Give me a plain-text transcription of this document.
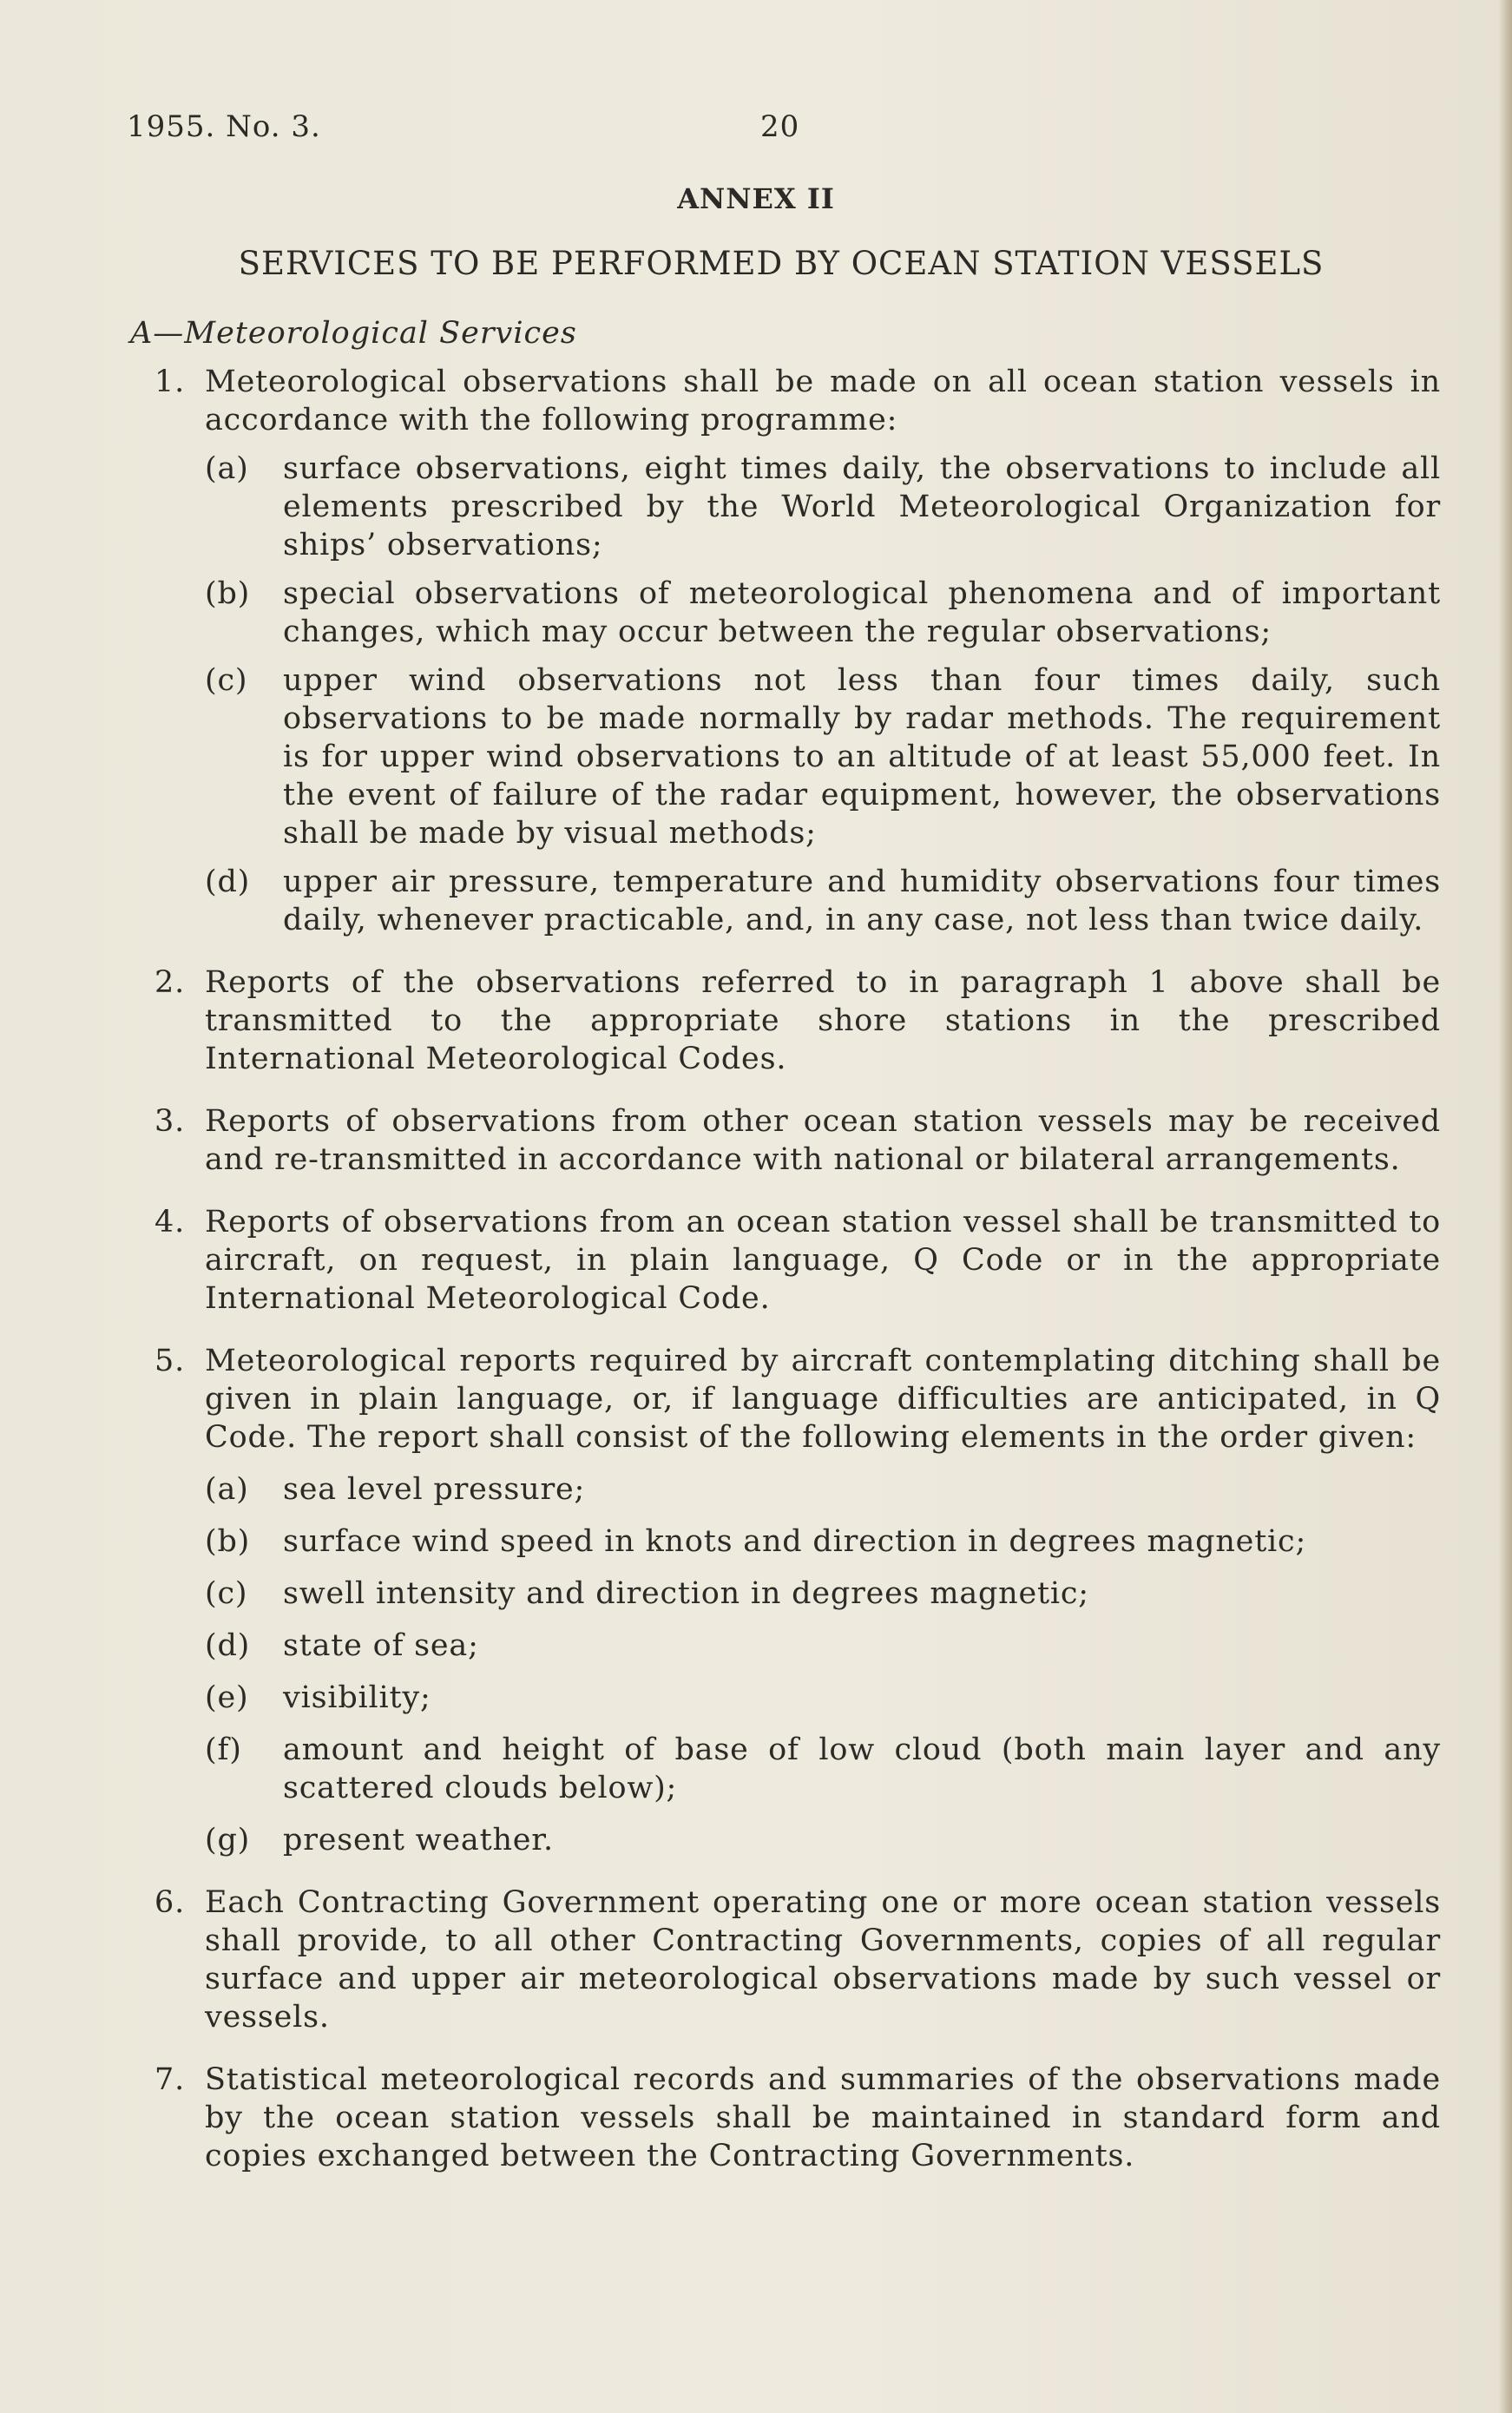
1955. No. 3.	20
ANNEX II
SERVICES TO BE PERFORMED BY OCEAN STATION VESSELS
A—Meteorological Services
1. Meteorological observations shall be made on all ocean station vessels in accordance with the following programme:
(a) surface observations, eight times daily, the observations to include all elements prescribed by the World Meteorological Organization for ships’ observations;
(b) special observations of meteorological phenomena and of important changes, which may occur between the regular observations;
(c) upper wind observations not less than four times daily, such observations to be made normally by radar methods. The requirement is for upper wind observations to an altitude of at least 55,000 feet. In the event of failure of the radar equipment, however, the observations shall be made by visual methods;
(d) upper air pressure, temperature and humidity observations four times daily, whenever practicable, and, in any case, not less than twice daily.
2. Reports of the observations referred to in paragraph 1 above shall be transmitted to the appropriate shore stations in the prescribed International Meteorological Codes.
3. Reports of observations from other ocean station vessels may be received and re-transmitted in accordance with national or bilateral arrangements.
4. Reports of observations from an ocean station vessel shall be transmitted to aircraft, on request, in plain language, Q Code or in the appropriate International Meteorological Code.
5. Meteorological reports required by aircraft contemplating ditching shall be given in plain language, or, if language difficulties are anticipated, in Q Code. The report shall consist of the following elements in the order given:
(a) sea level pressure;
(b) surface wind speed in knots and direction in degrees magnetic;
(c) swell intensity and direction in degrees magnetic;
(d) state of sea;
(e) visibility;
(f) amount and height of base of low cloud (both main layer and any scattered clouds below);
(g) present weather.
6. Each Contracting Government operating one or more ocean station vessels shall provide, to all other Contracting Governments, copies of all regular surface and upper air meteorological observations made by such vessel or vessels.
7. Statistical meteorological records and summaries of the observations made by the ocean station vessels shall be maintained in standard form and copies exchanged between the Contracting Governments.
